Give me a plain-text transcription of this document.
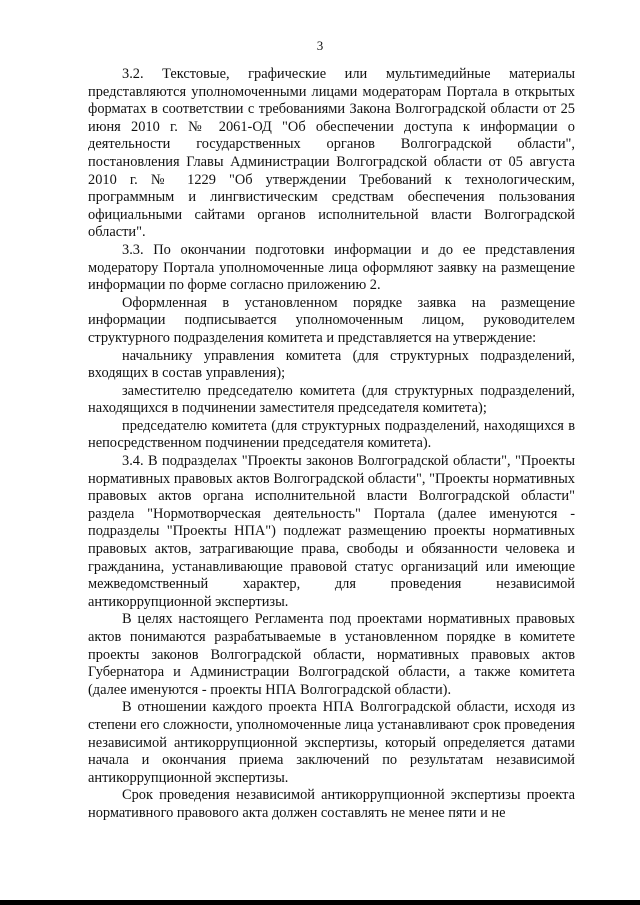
3

3.2. Текстовые, графические или мультимедийные материалы представляются уполномоченными лицами модераторам Портала в открытых форматах в соответствии с требованиями Закона Волгоградской области от 25 июня 2010 г. № 2061-ОД "Об обеспечении доступа к информации о деятельности государственных органов Волгоградской области", постановления Главы Администрации Волгоградской области от 05 августа 2010 г. № 1229 "Об утверждении Требований к технологическим, программным и лингвистическим средствам обеспечения пользования официальными сайтами органов исполнительной власти Волгоградской области".

3.3. По окончании подготовки информации и до ее представления модератору Портала уполномоченные лица оформляют заявку на размещение информации по форме согласно приложению 2.

Оформленная в установленном порядке заявка на размещение информации подписывается уполномоченным лицом, руководителем структурного подразделения комитета и представляется на утверждение:

начальнику управления комитета (для структурных подразделений, входящих в состав управления);

заместителю председателю комитета (для структурных подразделений, находящихся в подчинении заместителя председателя комитета);

председателю комитета (для структурных подразделений, находящихся в непосредственном подчинении председателя комитета).

3.4. В подразделах "Проекты законов Волгоградской области", "Проекты нормативных правовых актов Волгоградской области", "Проекты нормативных правовых актов органа исполнительной власти Волгоградской области" раздела "Нормотворческая деятельность" Портала (далее именуются - подразделы "Проекты НПА") подлежат размещению проекты нормативных правовых актов, затрагивающие права, свободы и обязанности человека и гражданина, устанавливающие правовой статус организаций или имеющие межведомственный характер, для проведения независимой антикоррупционной экспертизы.

В целях настоящего Регламента под проектами нормативных правовых актов понимаются разрабатываемые в установленном порядке в комитете проекты законов Волгоградской области, нормативных правовых актов Губернатора и Администрации Волгоградской области, а также комитета (далее именуются - проекты НПА Волгоградской области).

В отношении каждого проекта НПА Волгоградской области, исходя из степени его сложности, уполномоченные лица устанавливают срок проведения независимой антикоррупционной экспертизы, который определяется датами начала и окончания приема заключений по результатам независимой антикоррупционной экспертизы.

Срок проведения независимой антикоррупционной экспертизы проекта нормативного правового акта должен составлять не менее пяти и не
